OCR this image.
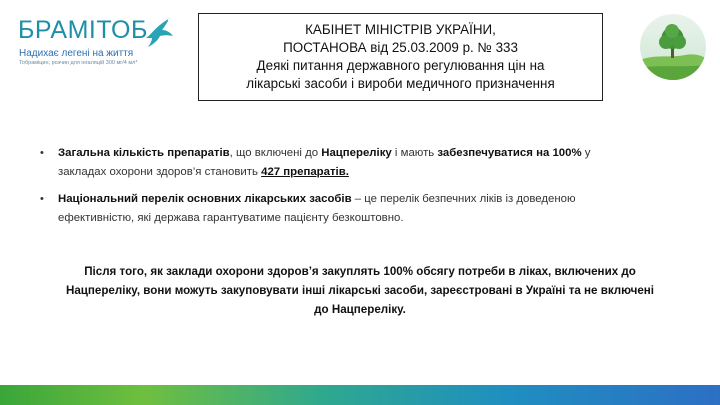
БРАМІТОБ
Надихає легені на життя
Тобраміцин, розчин для інгаляцій 300 мг/4 мл*
КАБІНЕТ МІНІСТРІВ УКРАЇНИ,
ПОСТАНОВА від 25.03.2009 р. № 333
Деякі питання державного регулювання цін на
лікарські засоби і вироби медичного призначення
• Загальна кількість препаратів, що включені до Нацпереліку і мають забезпечуватися на 100% у закладах охорони здоров’я становить 427 препаратів.
• Національний перелік основних лікарських засобів – це перелік безпечних ліків із доведеною ефективністю, які держава гарантуватиме пацієнту безкоштовно.
Після того, як заклади охорони здоров’я закуплять 100% обсягу потреби в ліках, включених до
Нацпереліку, вони можуть закуповувати інші лікарські засоби, зареєстровані в Україні та не включені
до Нацпереліку.
